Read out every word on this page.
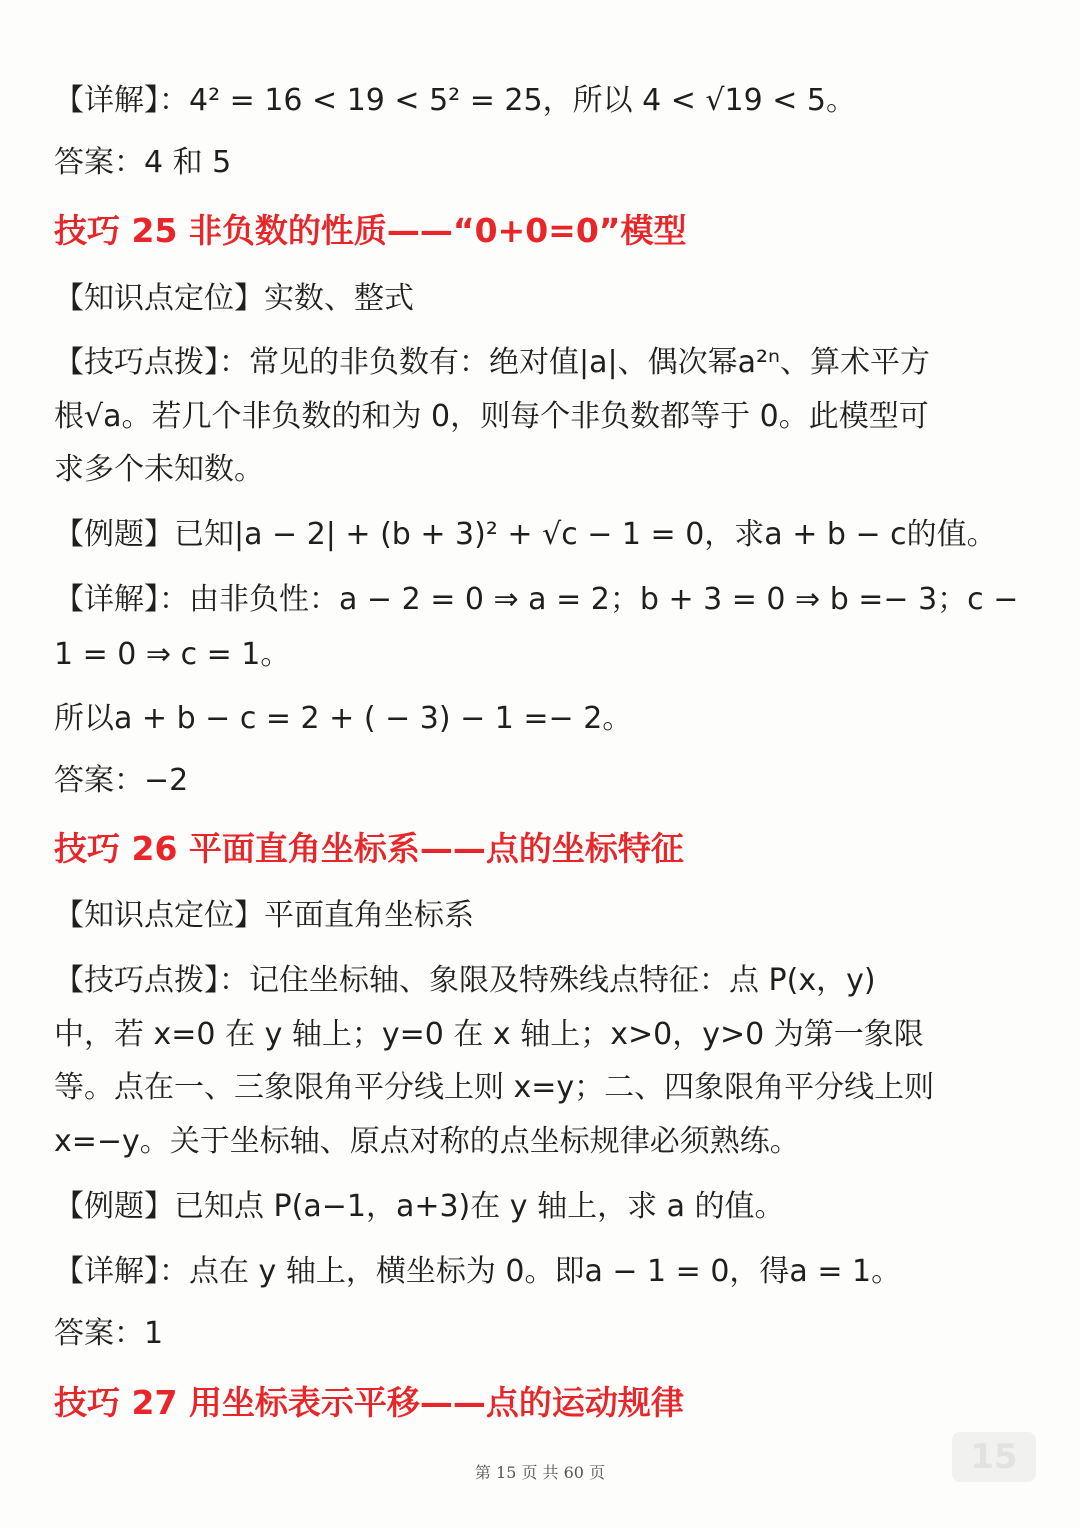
【详解】：4² = 16 < 19 < 5² = 25，所以 4 < √19 < 5。
答案：4 和 5
技巧 25 非负数的性质——“0+0=0”模型
【知识点定位】实数、整式
【技巧点拨】：常见的非负数有：绝对值|a|、偶次幂a²ⁿ、算术平方
根√a。若几个非负数的和为 0，则每个非负数都等于 0。此模型可
求多个未知数。
【例题】已知|a − 2| + (b + 3)² + √c − 1 = 0，求a + b − c的值。
【详解】：由非负性：a − 2 = 0 ⇒ a = 2；b + 3 = 0 ⇒ b =− 3；c −
1 = 0 ⇒ c = 1。
所以a + b − c = 2 + ( − 3) − 1 =− 2。
答案：−2
技巧 26 平面直角坐标系——点的坐标特征
【知识点定位】平面直角坐标系
【技巧点拨】：记住坐标轴、象限及特殊线点特征：点 P(x，y)
中，若 x=0 在 y 轴上；y=0 在 x 轴上；x>0，y>0 为第一象限
等。点在一、三象限角平分线上则 x=y；二、四象限角平分线上则
x=−y。关于坐标轴、原点对称的点坐标规律必须熟练。
【例题】已知点 P(a−1，a+3)在 y 轴上，求 a 的值。
【详解】：点在 y 轴上，横坐标为 0。即a − 1 = 0，得a = 1。
答案：1
技巧 27 用坐标表示平移——点的运动规律
第 15 页 共 60 页	15
